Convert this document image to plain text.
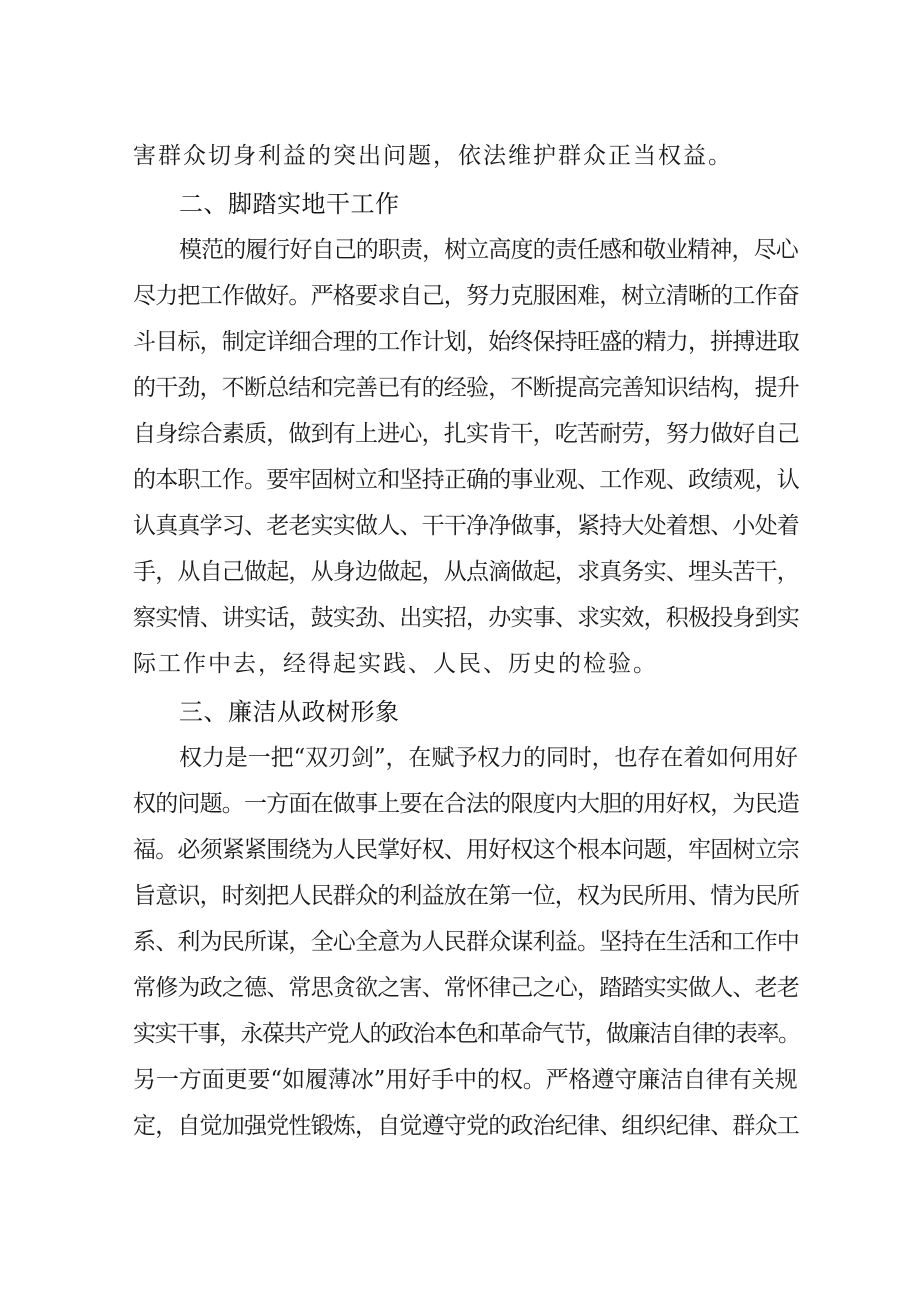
害群众切身利益的突出问题，依法维护群众正当权益。
二、脚踏实地干工作
模范的履行好自己的职责，树立高度的责任感和敬业精神，尽心
尽力把工作做好。严格要求自己，努力克服困难，树立清晰的工作奋
斗目标，制定详细合理的工作计划，始终保持旺盛的精力，拼搏进取
的干劲，不断总结和完善已有的经验，不断提高完善知识结构，提升
自身综合素质，做到有上进心，扎实肯干，吃苦耐劳，努力做好自己
的本职工作。要牢固树立和坚持正确的事业观、工作观、政绩观，认
认真真学习、老老实实做人、干干净净做事，紧持大处着想、小处着
手，从自己做起，从身边做起，从点滴做起，求真务实、埋头苦干，
察实情、讲实话，鼓实劲、出实招，办实事、求实效，积极投身到实
际工作中去，经得起实践、人民、历史的检验。
三、廉洁从政树形象
权力是一把“双刃剑”，在赋予权力的同时，也存在着如何用好
权的问题。一方面在做事上要在合法的限度内大胆的用好权，为民造
福。必须紧紧围绕为人民掌好权、用好权这个根本问题，牢固树立宗
旨意识，时刻把人民群众的利益放在第一位，权为民所用、情为民所
系、利为民所谋，全心全意为人民群众谋利益。坚持在生活和工作中
常修为政之德、常思贪欲之害、常怀律己之心，踏踏实实做人、老老
实实干事，永葆共产党人的政治本色和革命气节，做廉洁自律的表率。
另一方面更要“如履薄冰”用好手中的权。严格遵守廉洁自律有关规
定，自觉加强党性锻炼，自觉遵守党的政治纪律、组织纪律、群众工
